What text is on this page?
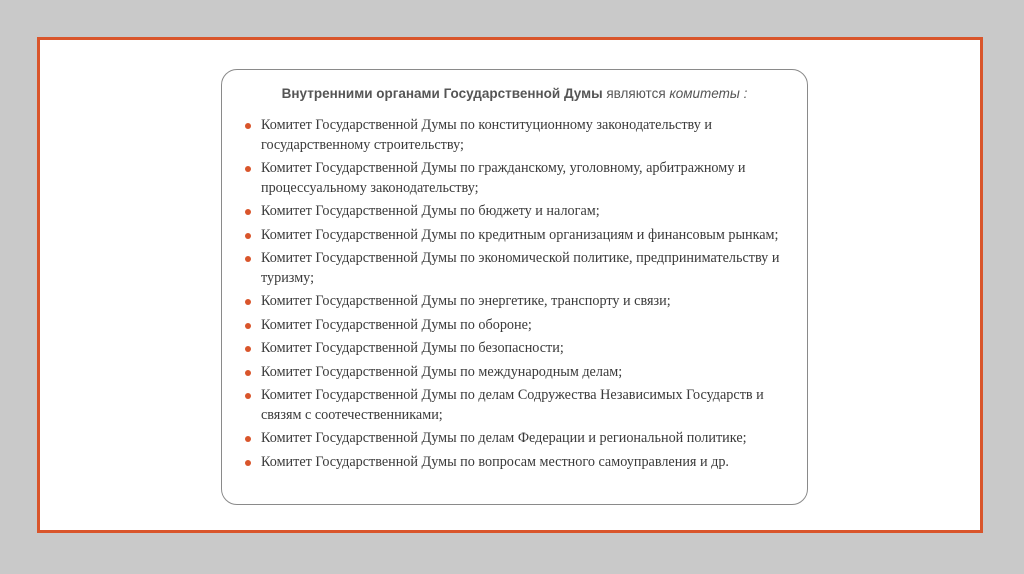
Внутренними органами Государственной Думы являются комитеты :
Комитет Государственной Думы по конституционному законодательству и государственному строительству;
Комитет Государственной Думы по гражданскому, уголовному, арбитражному и процессуальному законодательству;
Комитет Государственной Думы по бюджету и налогам;
Комитет Государственной Думы по кредитным организациям и финансовым рынкам;
Комитет Государственной Думы по экономической политике, предпринимательству и туризму;
Комитет Государственной Думы по энергетике, транспорту и связи;
Комитет Государственной Думы по обороне;
Комитет Государственной Думы по безопасности;
Комитет Государственной Думы по международным делам;
Комитет Государственной Думы по делам Содружества Независимых Государств и связям с соотечественниками;
Комитет Государственной Думы по делам Федерации и региональной политике;
Комитет Государственной Думы по вопросам местного самоуправления и др.
